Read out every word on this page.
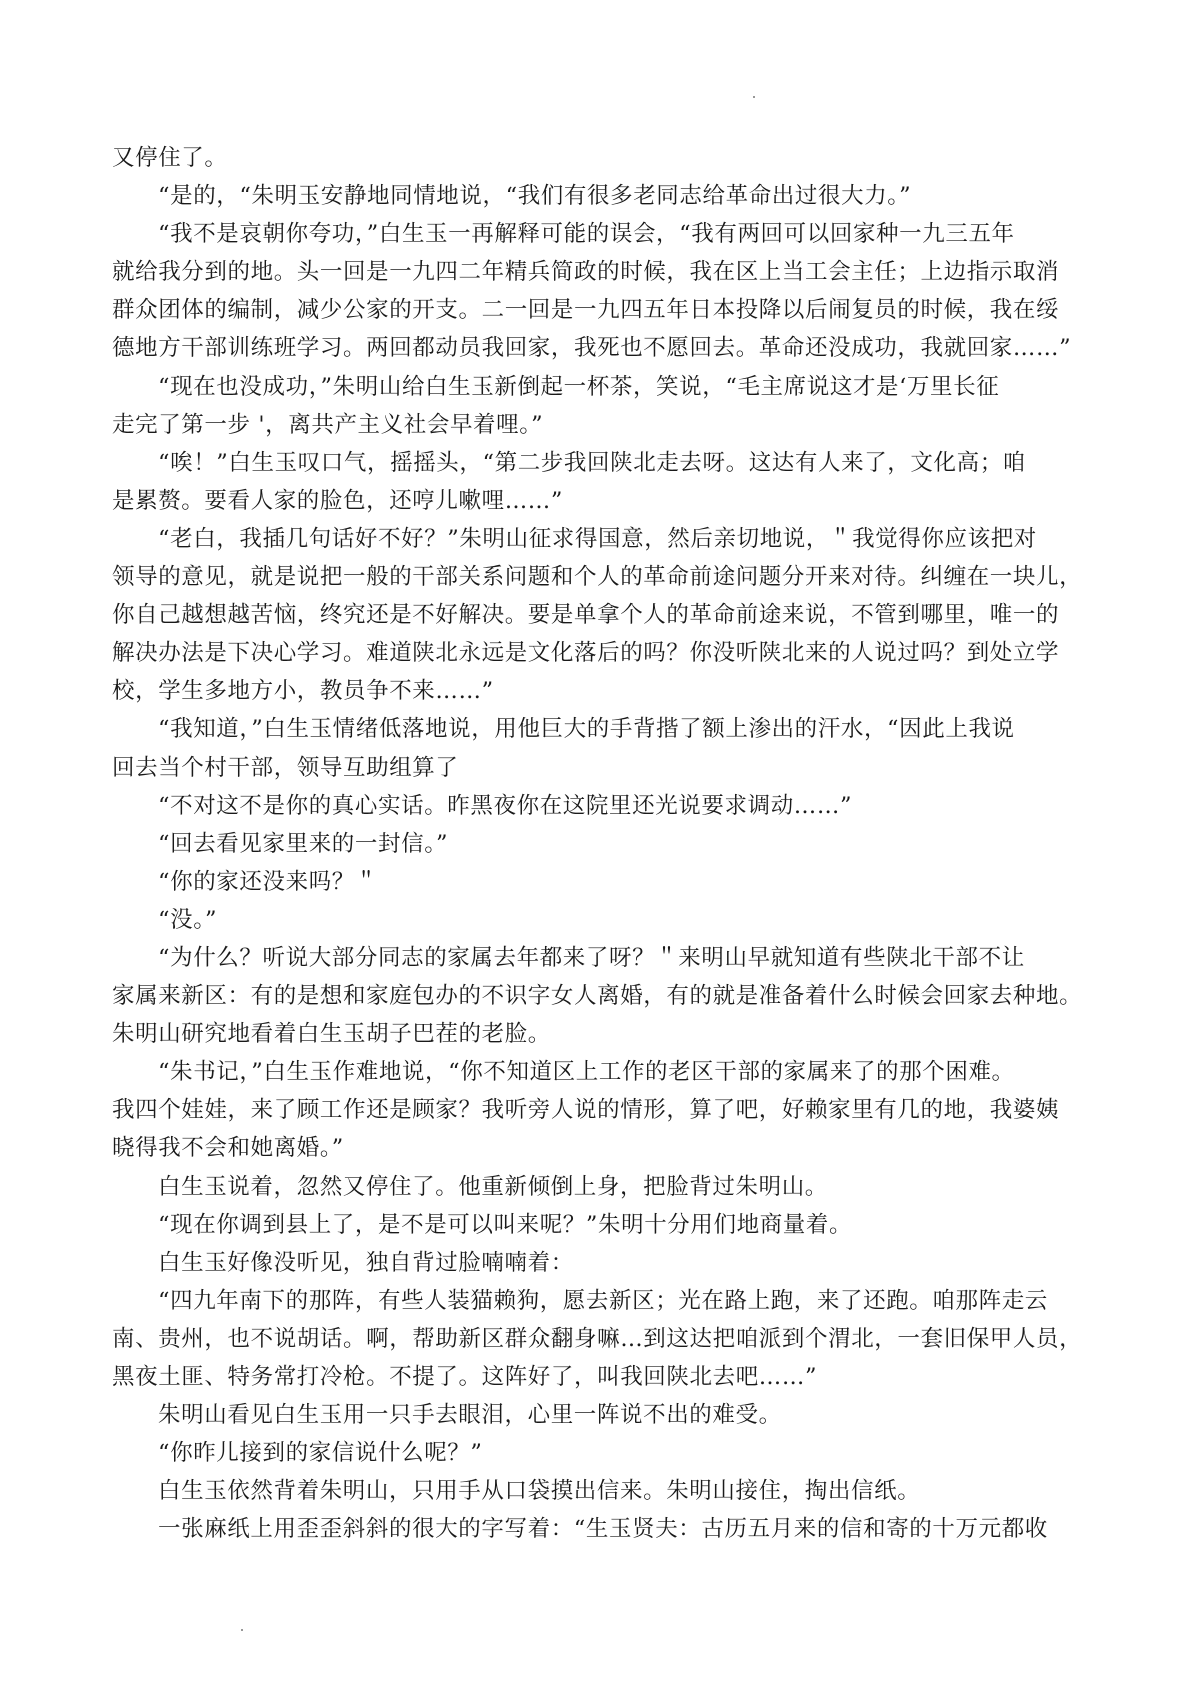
又停住了。
“是的，“朱明玉安静地同情地说，“我们有很多老同志给革命出过很大力。”
“我不是哀朝你夸功，”白生玉一再解释可能的误会，“我有两回可以回家种一九三五年
就给我分到的地。头一回是一九四二年精兵简政的时候，我在区上当工会主任；上边指示取消
群众团体的编制，减少公家的开支。二一回是一九四五年日本投降以后闹复员的时候，我在绥
德地方干部训练班学习。两回都动员我回家，我死也不愿回去。革命还没成功，我就回家……”
“现在也没成功，”朱明山给白生玉新倒起一杯茶，笑说，“毛主席说这才是‘万里长征
走完了第一步 '，离共产主义社会早着哩。”
“唉！”白生玉叹口气，摇摇头，“第二步我回陕北走去呀。这达有人来了，文化高；咱
是累赘。要看人家的脸色，还哼儿嗽哩……”
“老白，我插几句话好不好？”朱明山征求得国意，然后亲切地说，＂我觉得你应该把对
领导的意见，就是说把一般的干部关系问题和个人的革命前途问题分开来对待。纠缠在一块儿，
你自己越想越苦恼，终究还是不好解决。要是单拿个人的革命前途来说，不管到哪里，唯一的
解决办法是下决心学习。难道陕北永远是文化落后的吗？你没听陕北来的人说过吗？到处立学
校，学生多地方小，教员争不来……”
“我知道，”白生玉情绪低落地说，用他巨大的手背揩了额上渗出的汗水，“因此上我说
回去当个村干部，领导互助组算了
“不对这不是你的真心实话。昨黑夜你在这院里还光说要求调动……”
“回去看见家里来的一封信。”
“你的家还没来吗？＂
“没。”
“为什么？听说大部分同志的家属去年都来了呀？＂来明山早就知道有些陕北干部不让
家属来新区：有的是想和家庭包办的不识字女人离婚，有的就是准备着什么时候会回家去种地。
朱明山研究地看着白生玉胡子巴茬的老脸。
“朱书记，”白生玉作难地说，“你不知道区上工作的老区干部的家属来了的那个困难。
我四个娃娃，来了顾工作还是顾家？我听旁人说的情形，算了吧，好赖家里有几的地，我婆姨
晓得我不会和她离婚。”
白生玉说着，忽然又停住了。他重新倾倒上身，把脸背过朱明山。
“现在你调到县上了，是不是可以叫来呢？”朱明十分用们地商量着。
白生玉好像没听见，独自背过脸喃喃着：
“四九年南下的那阵，有些人装猫赖狗，愿去新区；光在路上跑，来了还跑。咱那阵走云
南、贵州，也不说胡话。啊，帮助新区群众翻身嘛…到这达把咱派到个渭北，一套旧保甲人员，
黑夜土匪、特务常打冷枪。不提了。这阵好了，叫我回陕北去吧……”
朱明山看见白生玉用一只手去眼泪，心里一阵说不出的难受。
“你昨儿接到的家信说什么呢？”
白生玉依然背着朱明山，只用手从口袋摸出信来。朱明山接住，掏出信纸。
一张麻纸上用歪歪斜斜的很大的字写着：“生玉贤夫：古历五月来的信和寄的十万元都收
